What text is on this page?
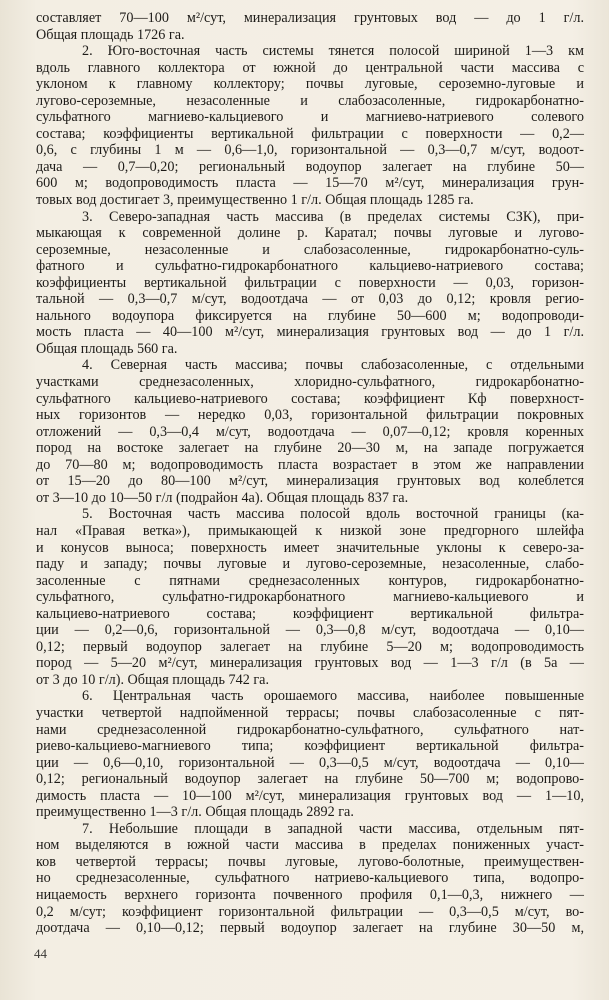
составляет 70—100 м²/сут, минерализация грунтовых вод — до 1 г/л.
Общая площадь 1726 га.
2. Юго-восточная часть системы тянется полосой шириной 1—3 км
вдоль главного коллектора от южной до центральной части массива с
уклоном к главному коллектору; почвы луговые, сероземно-луговые и
лугово-сероземные, незасоленные и слабозасоленные, гидрокарбонатно-
сульфатного магниево-кальциевого и магниево-натриевого солевого
состава; коэффициенты вертикальной фильтрации с поверхности — 0,2—
0,6, с глубины 1 м — 0,6—1,0, горизонтальной — 0,3—0,7 м/сут, водоот-
дача — 0,7—0,20; региональный водоупор залегает на глубине 50—
600 м; водопроводимость пласта — 15—70 м²/сут, минерализация грун-
товых вод достигает 3, преимущественно 1 г/л. Общая площадь 1285 га.
3. Северо-западная часть массива (в пределах системы СЗК), при-
мыкающая к современной долине р. Каратал; почвы луговые и лугово-
сероземные, незасоленные и слабозасоленные, гидрокарбонатно-суль-
фатного и сульфатно-гидрокарбонатного кальциево-натриевого состава;
коэффициенты вертикальной фильтрации с поверхности — 0,03, горизон-
тальной — 0,3—0,7 м/сут, водоотдача — от 0,03 до 0,12; кровля регио-
нального водоупора фиксируется на глубине 50—600 м; водопроводи-
мость пласта — 40—100 м²/сут, минерализация грунтовых вод — до 1 г/л.
Общая площадь 560 га.
4. Северная часть массива; почвы слабозасоленные, с отдельными
участками среднезасоленных, хлоридно-сульфатного, гидрокарбонатно-
сульфатного кальциево-натриевого состава; коэффициент Кф поверхност-
ных горизонтов — нередко 0,03, горизонтальной фильтрации покровных
отложений — 0,3—0,4 м/сут, водоотдача — 0,07—0,12; кровля коренных
пород на востоке залегает на глубине 20—30 м, на западе погружается
до 70—80 м; водопроводимость пласта возрастает в этом же направлении
от 15—20 до 80—100 м²/сут, минерализация грунтовых вод колеблется
от 3—10 до 10—50 г/л (подрайон 4а). Общая площадь 837 га.
5. Восточная часть массива полосой вдоль восточной границы (ка-
нал «Правая ветка»), примыкающей к низкой зоне предгорного шлейфа
и конусов выноса; поверхность имеет значительные уклоны к северо-за-
паду и западу; почвы луговые и лугово-сероземные, незасоленные, слабо-
засоленные с пятнами среднезасоленных контуров, гидрокарбонатно-
сульфатного, сульфатно-гидрокарбонатного магниево-кальциевого и
кальциево-натриевого состава; коэффициент вертикальной фильтра-
ции — 0,2—0,6, горизонтальной — 0,3—0,8 м/сут, водоотдача — 0,10—
0,12; первый водоупор залегает на глубине 5—20 м; водопроводимость
пород — 5—20 м²/сут, минерализация грунтовых вод — 1—3 г/л (в 5а —
от 3 до 10 г/л). Общая площадь 742 га.
6. Центральная часть орошаемого массива, наиболее повышенные
участки четвертой надпойменной террасы; почвы слабозасоленные с пят-
нами среднезасоленной гидрокарбонатно-сульфатного, сульфатного нат-
риево-кальциево-магниевого типа; коэффициент вертикальной фильтра-
ции — 0,6—0,10, горизонтальной — 0,3—0,5 м/сут, водоотдача — 0,10—
0,12; региональный водоупор залегает на глубине 50—700 м; водопрово-
димость пласта — 10—100 м²/сут, минерализация грунтовых вод — 1—10,
преимущественно 1—3 г/л. Общая площадь 2892 га.
7. Небольшие площади в западной части массива, отдельным пят-
ном выделяются в южной части массива в пределах пониженных участ-
ков четвертой террасы; почвы луговые, лугово-болотные, преимуществен-
но среднезасоленные, сульфатного натриево-кальциевого типа, водопро-
ницаемость верхнего горизонта почвенного профиля 0,1—0,3, нижнего —
0,2 м/сут; коэффициент горизонтальной фильтрации — 0,3—0,5 м/сут, во-
доотдача — 0,10—0,12; первый водоупор залегает на глубине 30—50 м,
44
